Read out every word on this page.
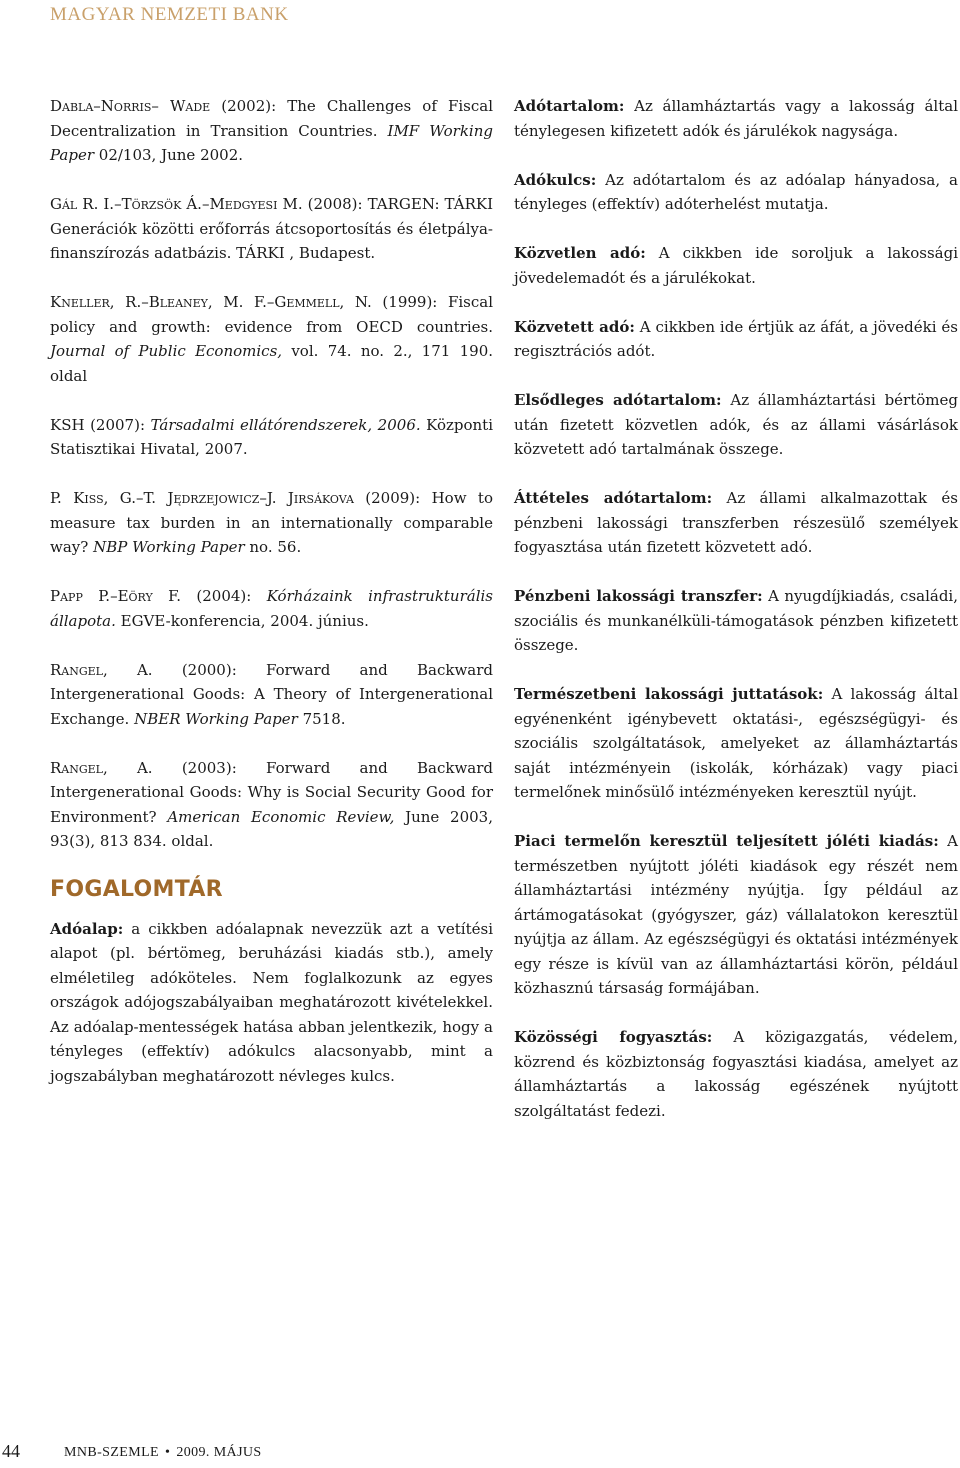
MAGYAR NEMZETI BANK

Dabla–Norris– Wade (2002): The Challenges of Fiscal Decentralization in Transition Countries. IMF Working Paper 02/103, June 2002.

Gál R. I.–Törzsök Á.–Medgyesi M. (2008): TARGEN: TÁRKI Generációk közötti erőforrás átcsoportosítás és életpálya-finanszírozás adatbázis. TÁRKI , Budapest.

Kneller, R.–Bleaney, M. F.–Gemmell, N. (1999): Fiscal policy and growth: evidence from OECD countries. Journal of Public Economics, vol. 74. no. 2., 171 190. oldal

KSH (2007): Társadalmi ellátórendszerek, 2006. Központi Statisztikai Hivatal, 2007.

P. Kiss, G.–T. Jędrzejowicz–J. Jirsákova (2009): How to measure tax burden in an internationally comparable way? NBP Working Paper no. 56.

Papp P.–Eöry F. (2004): Kórházaink infrastrukturális állapota. EGVE-konferencia, 2004. június.

Rangel, A. (2000): Forward and Backward Intergenerational Goods: A Theory of Intergenerational Exchange. NBER Working Paper 7518.

Rangel, A. (2003): Forward and Backward Intergenerational Goods: Why is Social Security Good for Environment? American Economic Review, June 2003, 93(3), 813 834. oldal.

FOGALOMTÁR

Adóalap: a cikkben adóalapnak nevezzük azt a vetítési alapot (pl. bértömeg, beruházási kiadás stb.), amely elméletileg adóköteles. Nem foglalkozunk az egyes országok adójogszabályaiban meghatározott kivételekkel. Az adóalap-mentességek hatása abban jelentkezik, hogy a tényleges (effektív) adókulcs alacsonyabb, mint a jogszabályban meghatározott névleges kulcs.

Adótartalom: Az államháztartás vagy a lakosság által ténylegesen kifizetett adók és járulékok nagysága.

Adókulcs: Az adótartalom és az adóalap hányadosa, a tényleges (effektív) adóterhelést mutatja.

Közvetlen adó: A cikkben ide soroljuk a lakossági jövedelemadót és a járulékokat.

Közvetett adó: A cikkben ide értjük az áfát, a jövedéki és regisztrációs adót.

Elsődleges adótartalom: Az államháztartási bértömeg után fizetett közvetlen adók, és az állami vásárlások közvetett adó tartalmának összege.

Áttételes adótartalom: Az állami alkalmazottak és pénzbeni lakossági transzferben részesülő személyek fogyasztása után fizetett közvetett adó.

Pénzbeni lakossági transzfer: A nyugdíjkiadás, családi, szociális és munkanélküli-támogatások pénzben kifizetett összege.

Természetbeni lakossági juttatások: A lakosság által egyénenként igénybevett oktatási-, egészségügyi- és szociális szolgáltatások, amelyeket az államháztartás saját intézményein (iskolák, kórházak) vagy piaci termelőnek minősülő intézményeken keresztül nyújt.

Piaci termelőn keresztül teljesített jóléti kiadás: A természetben nyújtott jóléti kiadások egy részét nem államháztartási intézmény nyújtja. Így például az ártámogatásokat (gyógyszer, gáz) vállalatokon keresztül nyújtja az állam. Az egészségügyi és oktatási intézmények egy része is kívül van az államháztartási körön, például közhasznú társaság formájában.

Közösségi fogyasztás: A közigazgatás, védelem, közrend és közbiztonság fogyasztási kiadása, amelyet az államháztartás a lakosság egészének nyújtott szolgáltatást fedezi.

44	MNB-SZEMLE • 2009. MÁJUS
